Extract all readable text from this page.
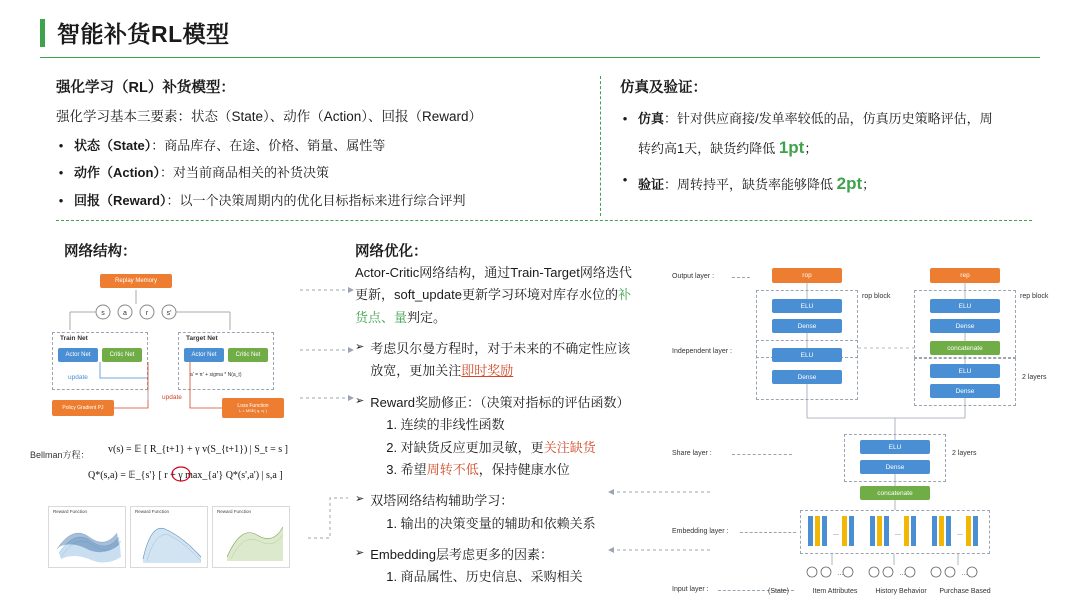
智能补货RL模型
强化学习（RL）补货模型：
强化学习基本三要素：状态（State）、动作（Action）、回报（Reward）
• 状态（State）：商品库存、在途、价格、销量、属性等
• 动作（Action）：对当前商品相关的补货决策
• 回报（Reward）：以一个决策周期内的优化目标指标来进行综合评判
仿真及验证：
• 仿真：针对供应商接/发单率较低的品，仿真历史策略评估，周
转约高1天，缺货约降低 1pt；
• 验证：周转持平，缺货率能够降低 2pt；
网络结构：	网络优化：
Replay Memory
s	a	r	s'
Train Net
Actor Net	Critic Net
update
Target Net
Actor Net	Critic Net
a' = π' + sigma * N(a_t)
Policy Gradient PJ	Loss Function
L = MSE( q, q' )
update
Bellman方程： v(s) = 𝔼 [ R_{t+1} + γ v(S_{t+1}) | S_t = s ]
Q*(s,a) = 𝔼_{s'} [ r + γ max_{a'} Q*(s',a') | s,a ]
Reward Function	Reward Function	Reward Function
Actor-Critic网络结构，通过Train-Target网络迭代
更新，soft_update更新学习环境对库存水位的补
货点、量判定。
➢ 考虑贝尔曼方程时，对于未来的不确定性应该
放宽，更加关注即时奖励
➢ Reward奖励修正：（决策对指标的评估函数）
1. 连续的非线性函数
2. 对缺货反应更加灵敏，更关注缺货
3. 希望周转不低，保持健康水位
➢ 双塔网络结构辅助学习：
1. 输出的决策变量的辅助和依赖关系
➢ Embedding层考虑更多的因素：
1. 商品属性、历史信息、采购相关
Output layer :
Independent layer :
Share layer :
Embedding layer :
Input layer :
rop
rop block
ELU
Dense
ELU
Dense
rep
rep block
ELU
Dense
concatenate
ELU
Dense
2 layers
ELU
Dense
2 layers
concatenate
...	...	...
…	…	…
(State)	Item Attributes	History Behavior	Purchase Based
